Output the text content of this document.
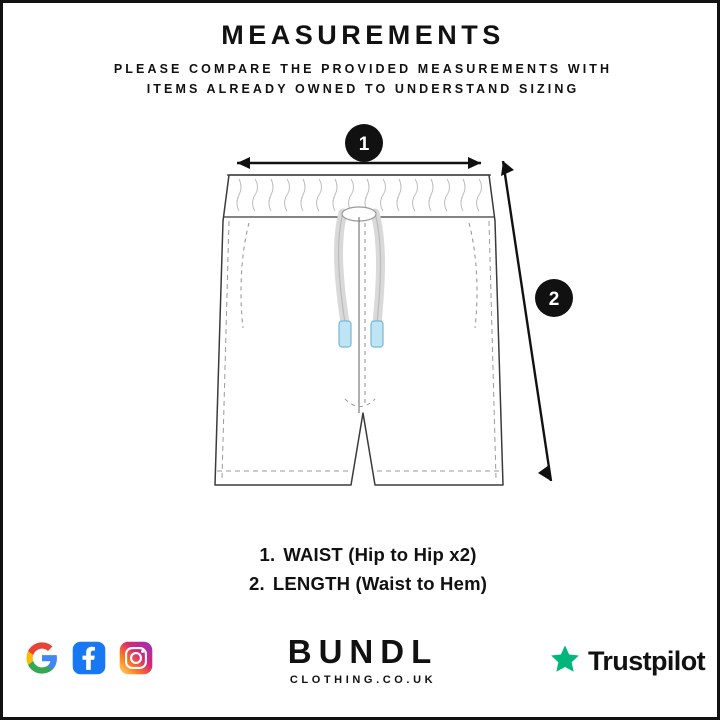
MEASUREMENTS
PLEASE COMPARE THE PROVIDED MEASUREMENTS WITH
ITEMS ALREADY OWNED TO UNDERSTAND SIZING
1
2
1. WAIST (Hip to Hip x2)
2. LENGTH (Waist to Hem)
BUNDL
CLOTHING.CO.UK
Trustpilot
